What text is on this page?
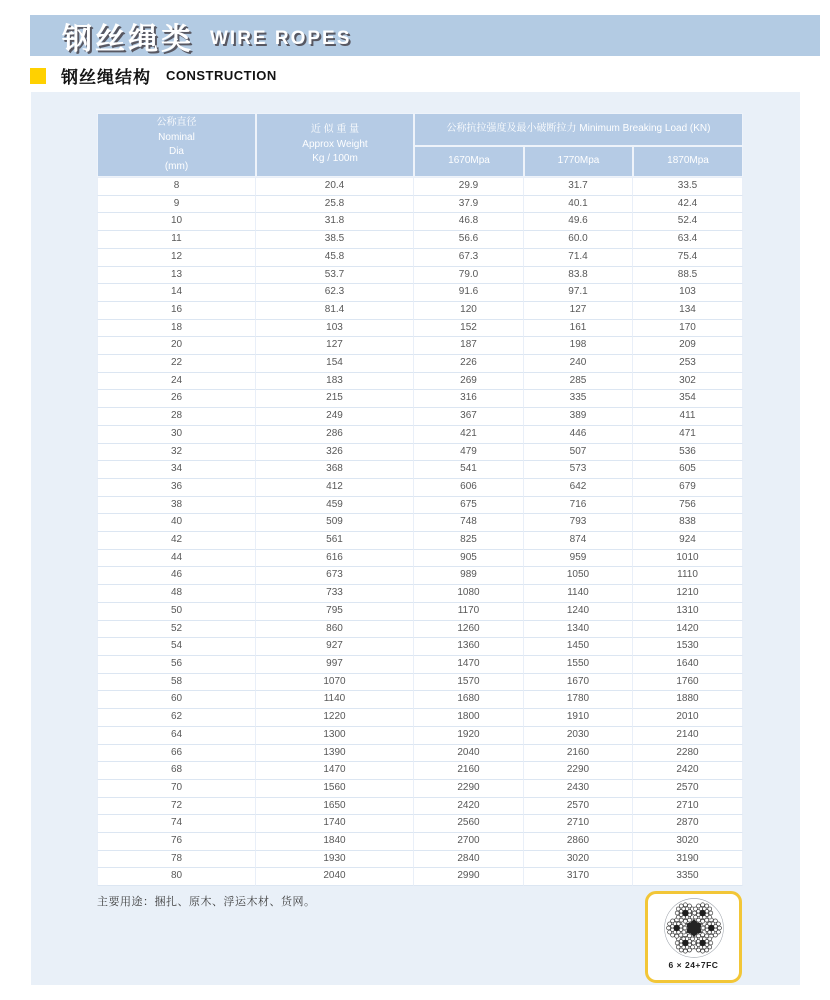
钢丝绳类 WIRE ROPES
钢丝绳结构 CONSTRUCTION
公称直径
Nominal
Dia
(mm)	近 似 重 量
Approx Weight
Kg / 100m	公称抗拉强度及最小破断拉力 Minimum Breaking Load (KN)		
		1670Mpa	1770Mpa	1870Mpa
8	20.4	29.9	31.7	33.5
9	25.8	37.9	40.1	42.4
10	31.8	46.8	49.6	52.4
11	38.5	56.6	60.0	63.4
12	45.8	67.3	71.4	75.4
13	53.7	79.0	83.8	88.5
14	62.3	91.6	97.1	103
16	81.4	120	127	134
18	103	152	161	170
20	127	187	198	209
22	154	226	240	253
24	183	269	285	302
26	215	316	335	354
28	249	367	389	411
30	286	421	446	471
32	326	479	507	536
34	368	541	573	605
36	412	606	642	679
38	459	675	716	756
40	509	748	793	838
42	561	825	874	924
44	616	905	959	1010
46	673	989	1050	1110
48	733	1080	1140	1210
50	795	1170	1240	1310
52	860	1260	1340	1420
54	927	1360	1450	1530
56	997	1470	1550	1640
58	1070	1570	1670	1760
60	1140	1680	1780	1880
62	1220	1800	1910	2010
64	1300	1920	2030	2140
66	1390	2040	2160	2280
68	1470	2160	2290	2420
70	1560	2290	2430	2570
72	1650	2420	2570	2710
74	1740	2560	2710	2870
76	1840	2700	2860	3020
78	1930	2840	3020	3190
80	2040	2990	3170	3350
主要用途：捆扎、原木、浮运木材、货网。
6 × 24+7FC
